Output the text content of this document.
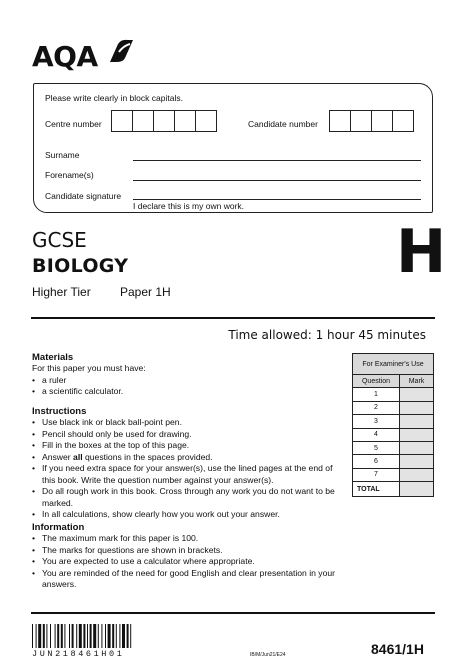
AQA
Please write clearly in block capitals.
Centre number	Candidate number
Surname
Forename(s)
Candidate signature
I declare this is my own work.
GCSE
BIOLOGY
Higher Tier Paper 1H
H
Time allowed: 1 hour 45 minutes
Materials
For this paper you must have:
• a ruler
• a scientific calculator.
Instructions
• Use black ink or black ball-point pen.
• Pencil should only be used for drawing.
• Fill in the boxes at the top of this page.
• Answer all questions in the spaces provided.
• If you need extra space for your answer(s), use the lined pages at the end of this book. Write the question number against your answer(s).
• Do all rough work in this book. Cross through any work you do not want to be marked.
• In all calculations, show clearly how you work out your answer.
Information
• The maximum mark for this paper is 100.
• The marks for questions are shown in brackets.
• You are expected to use a calculator where appropriate.
• You are reminded of the need for good English and clear presentation in your answers.
For Examiner's Use	
Question	Mark
1	
2	
3	
4	
5	
6	
7	
TOTAL	
JUN218461H01	IB/M/Jun21/E24	8461/1H
